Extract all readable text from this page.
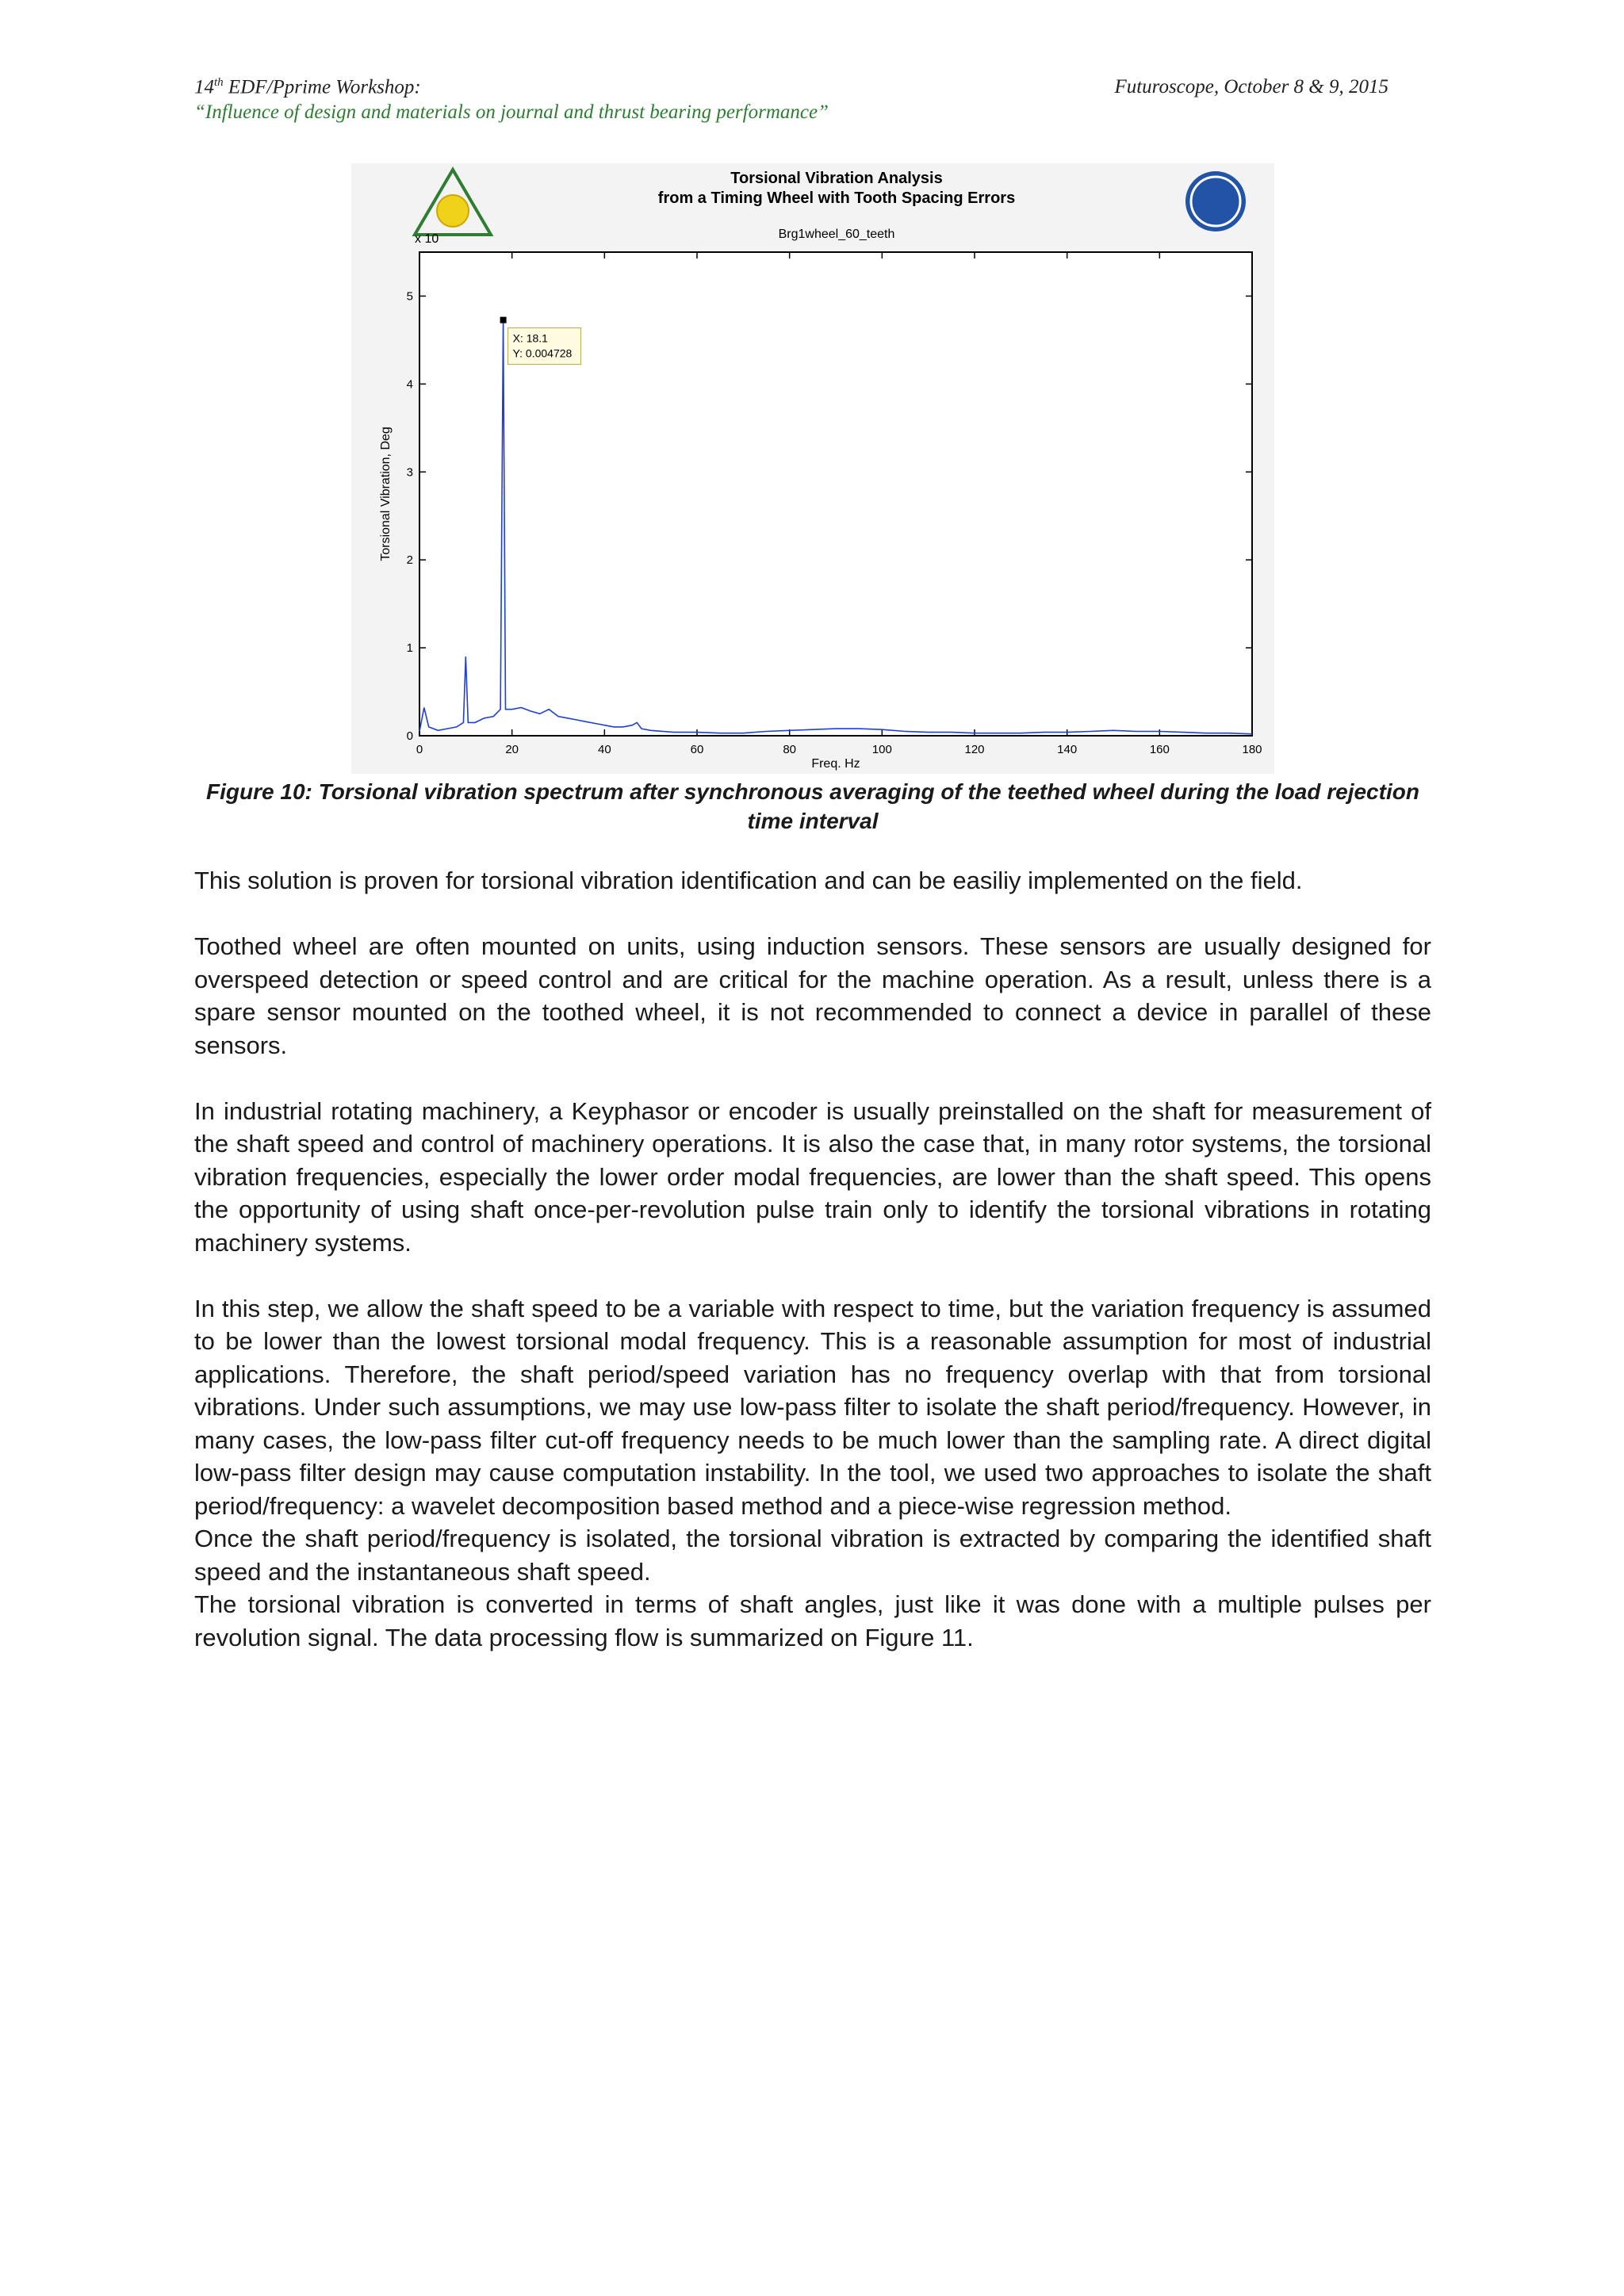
14th EDF/Pprime Workshop:	Futuroscope, October 8 & 9, 2015
“Influence of design and materials on journal and thrust bearing performance”
Torsional Vibration Analysis
from a Timing Wheel with Tooth Spacing Errors
Brg1wheel_60_teeth
x 10
0	20	40	60	80	100	120	140	160	180
0
1
2
3
4
5
X: 18.1
Y: 0.004728
Freq. Hz
Torsional Vibration, Deg
Figure 10: Torsional vibration spectrum after synchronous averaging of the teethed wheel during the load rejection time interval

This solution is proven for torsional vibration identification and can be easiliy implemented on the field.

Toothed wheel are often mounted on units, using induction sensors. These sensors are usually designed for overspeed detection or speed control and are critical for the machine operation. As a result, unless there is a spare sensor mounted on the toothed wheel, it is not recommended to connect a device in parallel of these sensors.

In industrial rotating machinery, a Keyphasor or encoder is usually preinstalled on the shaft for measurement of the shaft speed and control of machinery operations. It is also the case that, in many rotor systems, the torsional vibration frequencies, especially the lower order modal frequencies, are lower than the shaft speed. This opens the opportunity of using shaft once-per-revolution pulse train only to identify the torsional vibrations in rotating machinery systems.

In this step, we allow the shaft speed to be a variable with respect to time, but the variation frequency is assumed to be lower than the lowest torsional modal frequency. This is a reasonable assumption for most of industrial applications. Therefore, the shaft period/speed variation has no frequency overlap with that from torsional vibrations. Under such assumptions, we may use low-pass filter to isolate the shaft period/frequency. However, in many cases, the low-pass filter cut-off frequency needs to be much lower than the sampling rate. A direct digital low-pass filter design may cause computation instability. In the tool, we used two approaches to isolate the shaft period/frequency: a wavelet decomposition based method and a piece-wise regression method.

Once the shaft period/frequency is isolated, the torsional vibration is extracted by comparing the identified shaft speed and the instantaneous shaft speed.

The torsional vibration is converted in terms of shaft angles, just like it was done with a multiple pulses per revolution signal. The data processing flow is summarized on Figure 11.
